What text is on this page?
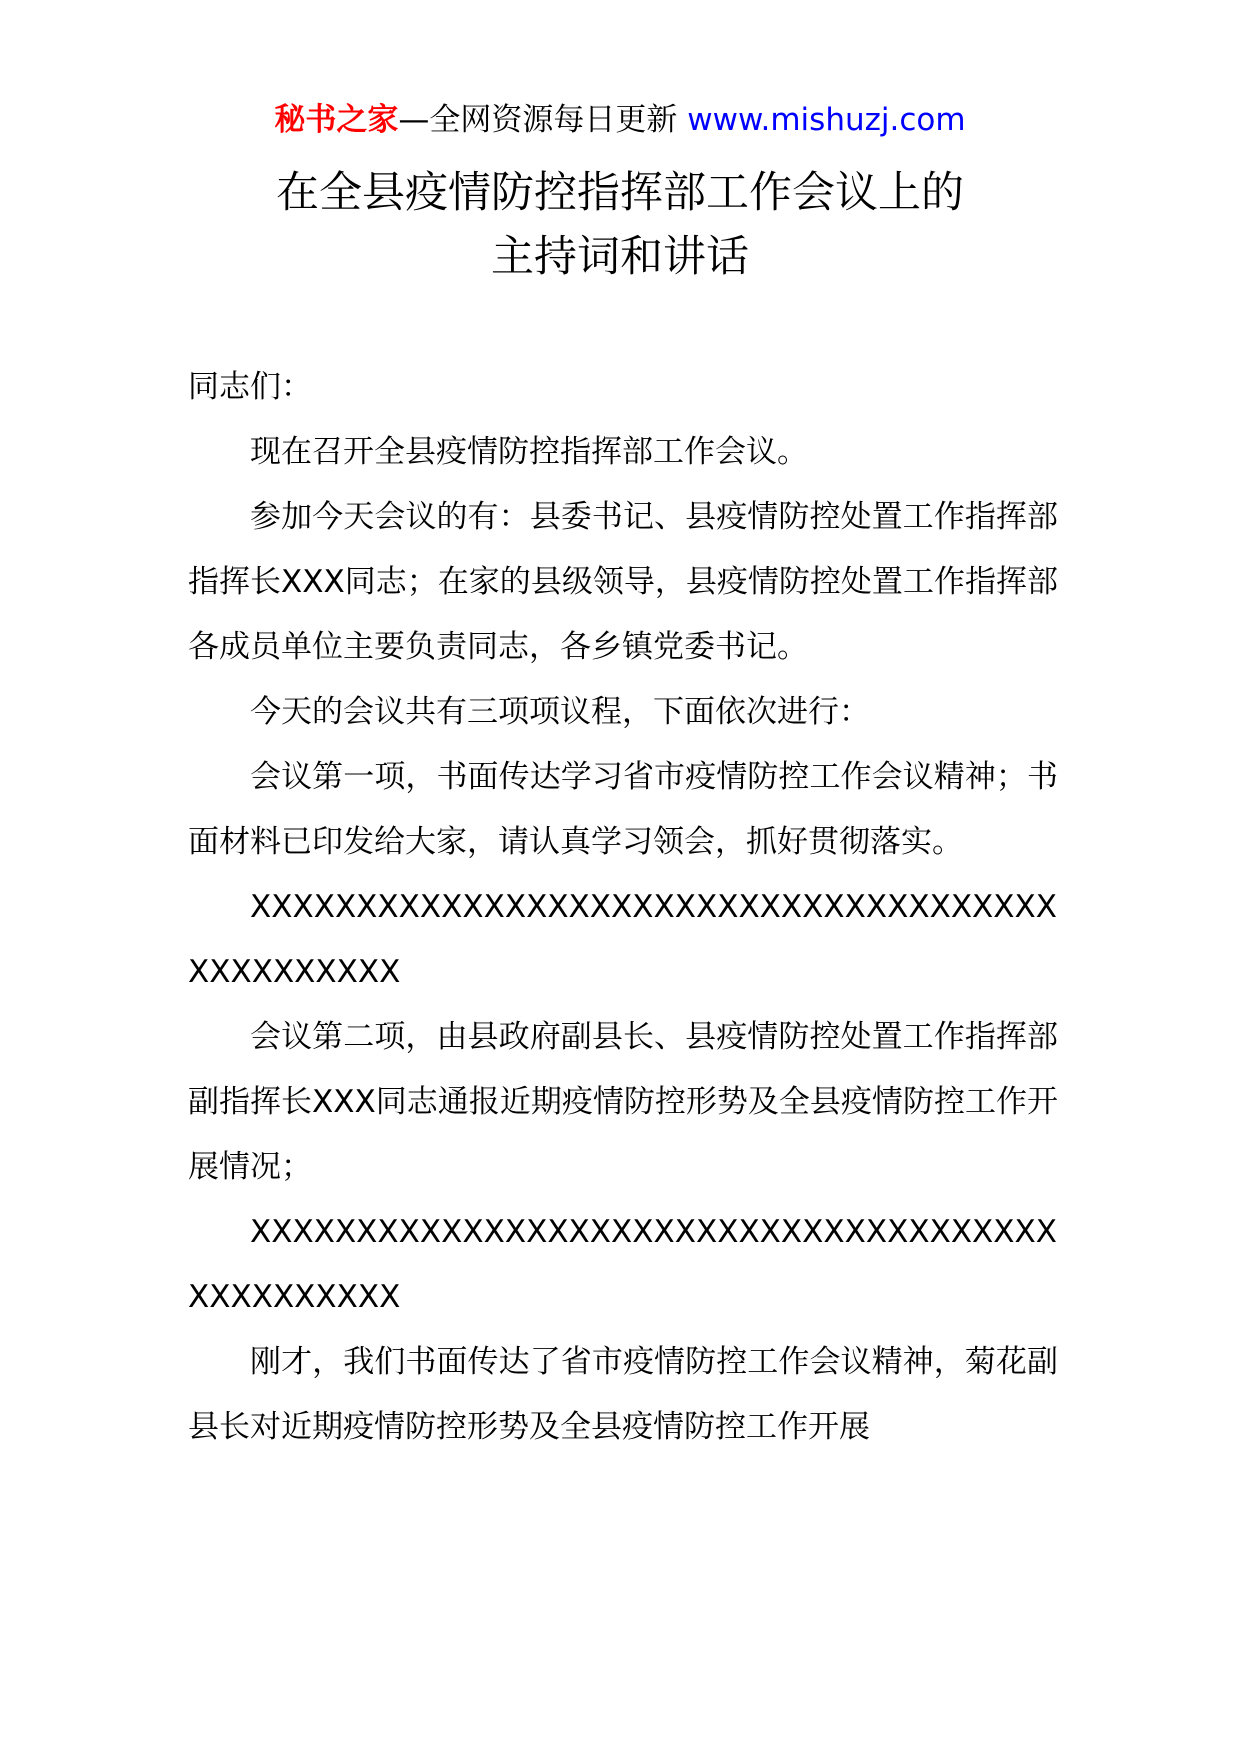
秘书之家—全网资源每日更新 www.mishuzj.com
在全县疫情防控指挥部工作会议上的
主持词和讲话

同志们：

现在召开全县疫情防控指挥部工作会议。

参加今天会议的有：县委书记、县疫情防控处置工作指挥部指挥长XXX同志；在家的县级领导，县疫情防控处置工作指挥部各成员单位主要负责同志，各乡镇党委书记。

今天的会议共有三项项议程，下面依次进行：

会议第一项，书面传达学习省市疫情防控工作会议精神；书面材料已印发给大家，请认真学习领会，抓好贯彻落实。

XXXXXXXXXXXXXXXXXXXXXXXXXXXXXXXXXXXXXXXXXXXXXXXX

会议第二项，由县政府副县长、县疫情防控处置工作指挥部副指挥长XXX同志通报近期疫情防控形势及全县疫情防控工作开展情况；

XXXXXXXXXXXXXXXXXXXXXXXXXXXXXXXXXXXXXXXXXXXXXXXX

刚才，我们书面传达了省市疫情防控工作会议精神，菊花副县长对近期疫情防控形势及全县疫情防控工作开展
